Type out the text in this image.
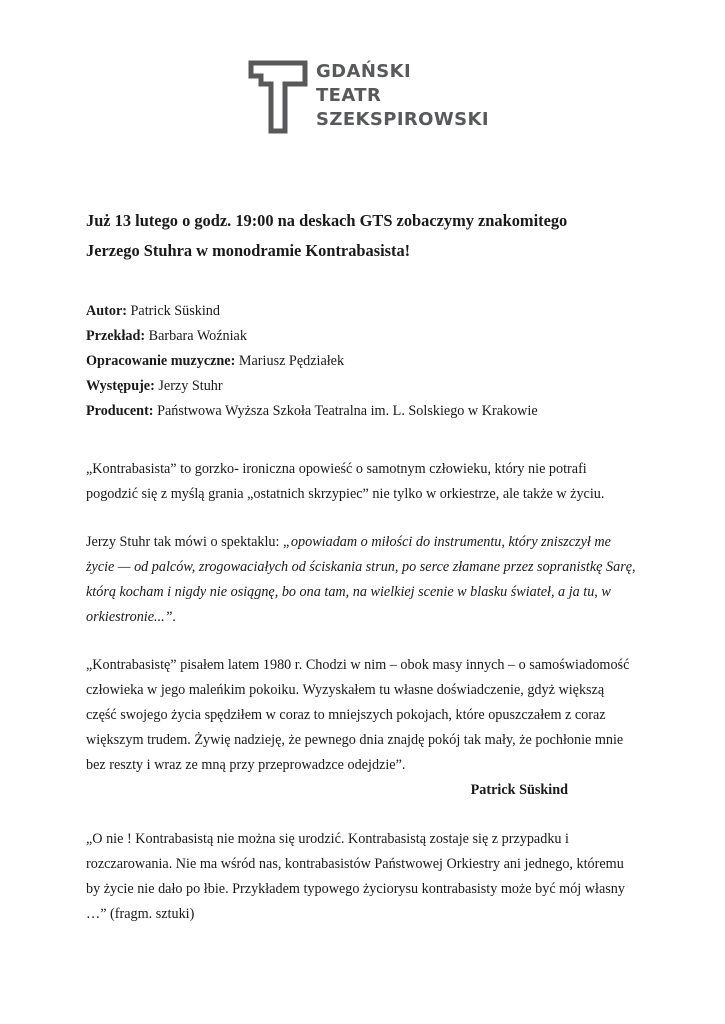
GDAŃSKI
TEATR
SZEKSPIROWSKI
Już 13 lutego o godz. 19:00 na deskach GTS zobaczymy znakomitego
Jerzego Stuhra w monodramie Kontrabasista!
Autor: Patrick Süskind
Przekład: Barbara Woźniak
Opracowanie muzyczne: Mariusz Pędziałek
Występuje: Jerzy Stuhr
Producent: Państwowa Wyższa Szkoła Teatralna im. L. Solskiego w Krakowie

„Kontrabasista” to gorzko- ironiczna opowieść o samotnym człowieku, który nie potrafi pogodzić się z myślą grania „ostatnich skrzypiec” nie tylko w orkiestrze, ale także w życiu.

Jerzy Stuhr tak mówi o spektaklu: „opowiadam o miłości do instrumentu, który zniszczył me życie — od palców, zrogowaciałych od ściskania strun, po serce złamane przez sopranistkę Sarę, którą kocham i nigdy nie osiągnę, bo ona tam, na wielkiej scenie w blasku świateł, a ja tu, w orkiestronie...”.

„Kontrabasistę” pisałem latem 1980 r. Chodzi w nim – obok masy innych – o samoświadomość człowieka w jego maleńkim pokoiku. Wyzyskałem tu własne doświadczenie, gdyż większą część swojego życia spędziłem w coraz to mniejszych pokojach, które opuszczałem z coraz większym trudem. Żywię nadzieję, że pewnego dnia znajdę pokój tak mały, że pochłonie mnie bez reszty i wraz ze mną przy przeprowadzce odejdzie”.

Patrick Süskind

„O nie ! Kontrabasistą nie można się urodzić. Kontrabasistą zostaje się z przypadku i rozczarowania. Nie ma wśród nas, kontrabasistów Państwowej Orkiestry ani jednego, któremu by życie nie dało po łbie. Przykładem typowego życiorysu kontrabasisty może być mój własny …” (fragm. sztuki)
